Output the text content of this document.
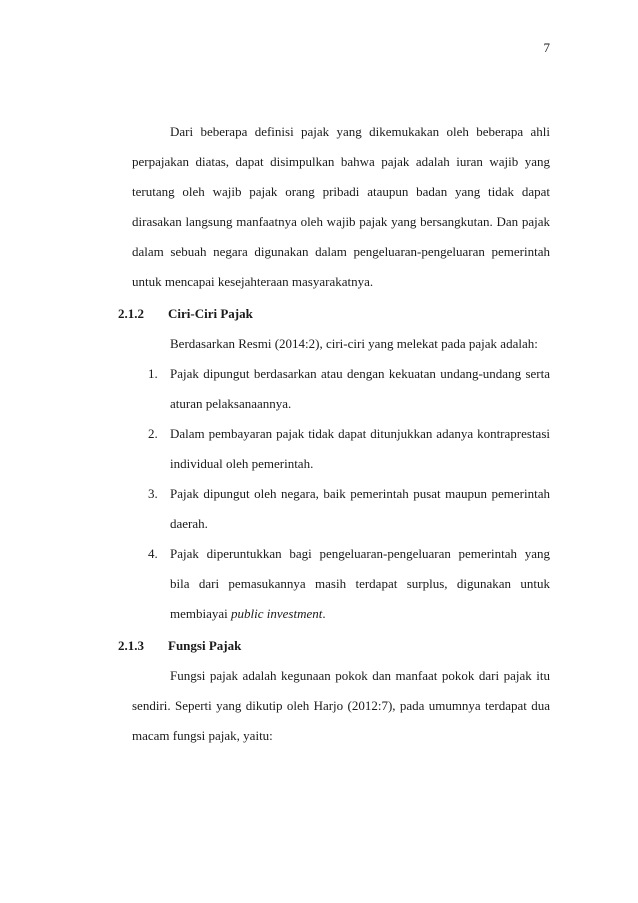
7

Dari beberapa definisi pajak yang dikemukakan oleh beberapa ahli perpajakan diatas, dapat disimpulkan bahwa pajak adalah iuran wajib yang terutang oleh wajib pajak orang pribadi ataupun badan yang tidak dapat dirasakan langsung manfaatnya oleh wajib pajak yang bersangkutan. Dan pajak dalam sebuah negara digunakan dalam pengeluaran-pengeluaran pemerintah untuk mencapai kesejahteraan masyarakatnya.

2.1.2	Ciri-Ciri Pajak

Berdasarkan Resmi (2014:2), ciri-ciri yang melekat pada pajak adalah:

1. Pajak dipungut berdasarkan atau dengan kekuatan undang-undang serta aturan pelaksanaannya.
2. Dalam pembayaran pajak tidak dapat ditunjukkan adanya kontraprestasi individual oleh pemerintah.
3. Pajak dipungut oleh negara, baik pemerintah pusat maupun pemerintah daerah.
4. Pajak diperuntukkan bagi pengeluaran-pengeluaran pemerintah yang bila dari pemasukannya masih terdapat surplus, digunakan untuk membiayai public investment.
2.1.3	Fungsi Pajak

Fungsi pajak adalah kegunaan pokok dan manfaat pokok dari pajak itu sendiri. Seperti yang dikutip oleh Harjo (2012:7), pada umumnya terdapat dua macam fungsi pajak, yaitu:
